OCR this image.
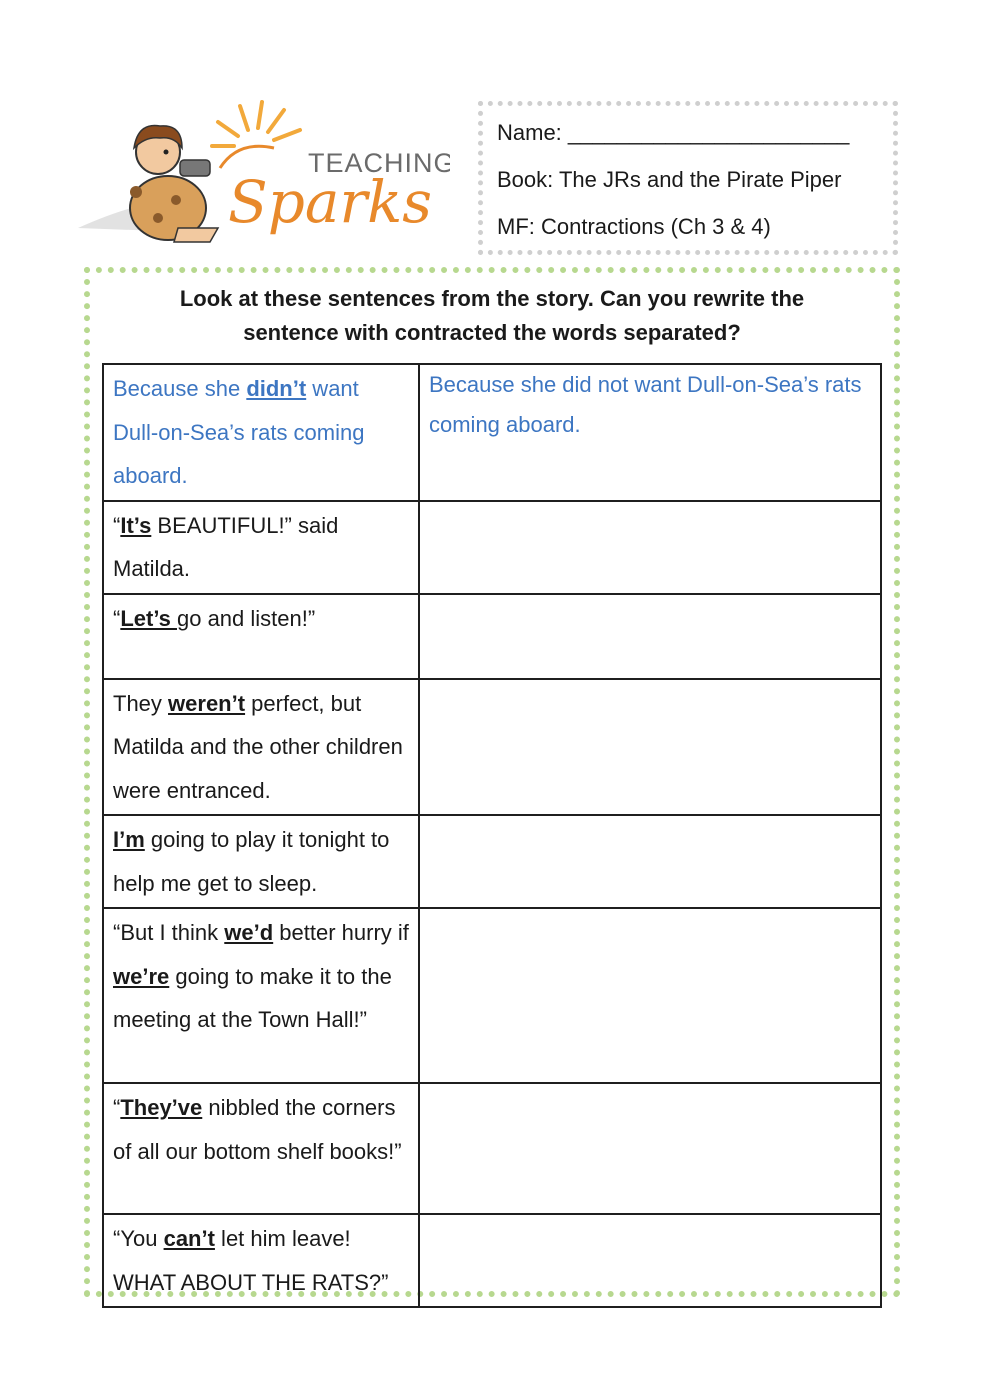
TEACHING
Sparks
Name: _______________________
Book: The JRs and the Pirate Piper
MF: Contractions (Ch 3 & 4)
Look at these sentences from the story. Can you rewrite the
sentence with contracted the words separated?
Because she didn’t want Dull-on-Sea’s rats coming aboard.	Because she did not want Dull-on-Sea’s rats coming aboard.
“It’s BEAUTIFUL!” said Matilda.	
“Let’s go and listen!”	
They weren’t perfect, but Matilda and the other children were entranced.	
I’m going to play it tonight to help me get to sleep.	
“But I think we’d better hurry if we’re going to make it to the meeting at the Town Hall!”	
“They’ve nibbled the corners of all our bottom shelf books!”	
“You can’t let him leave! WHAT ABOUT THE RATS?”	
